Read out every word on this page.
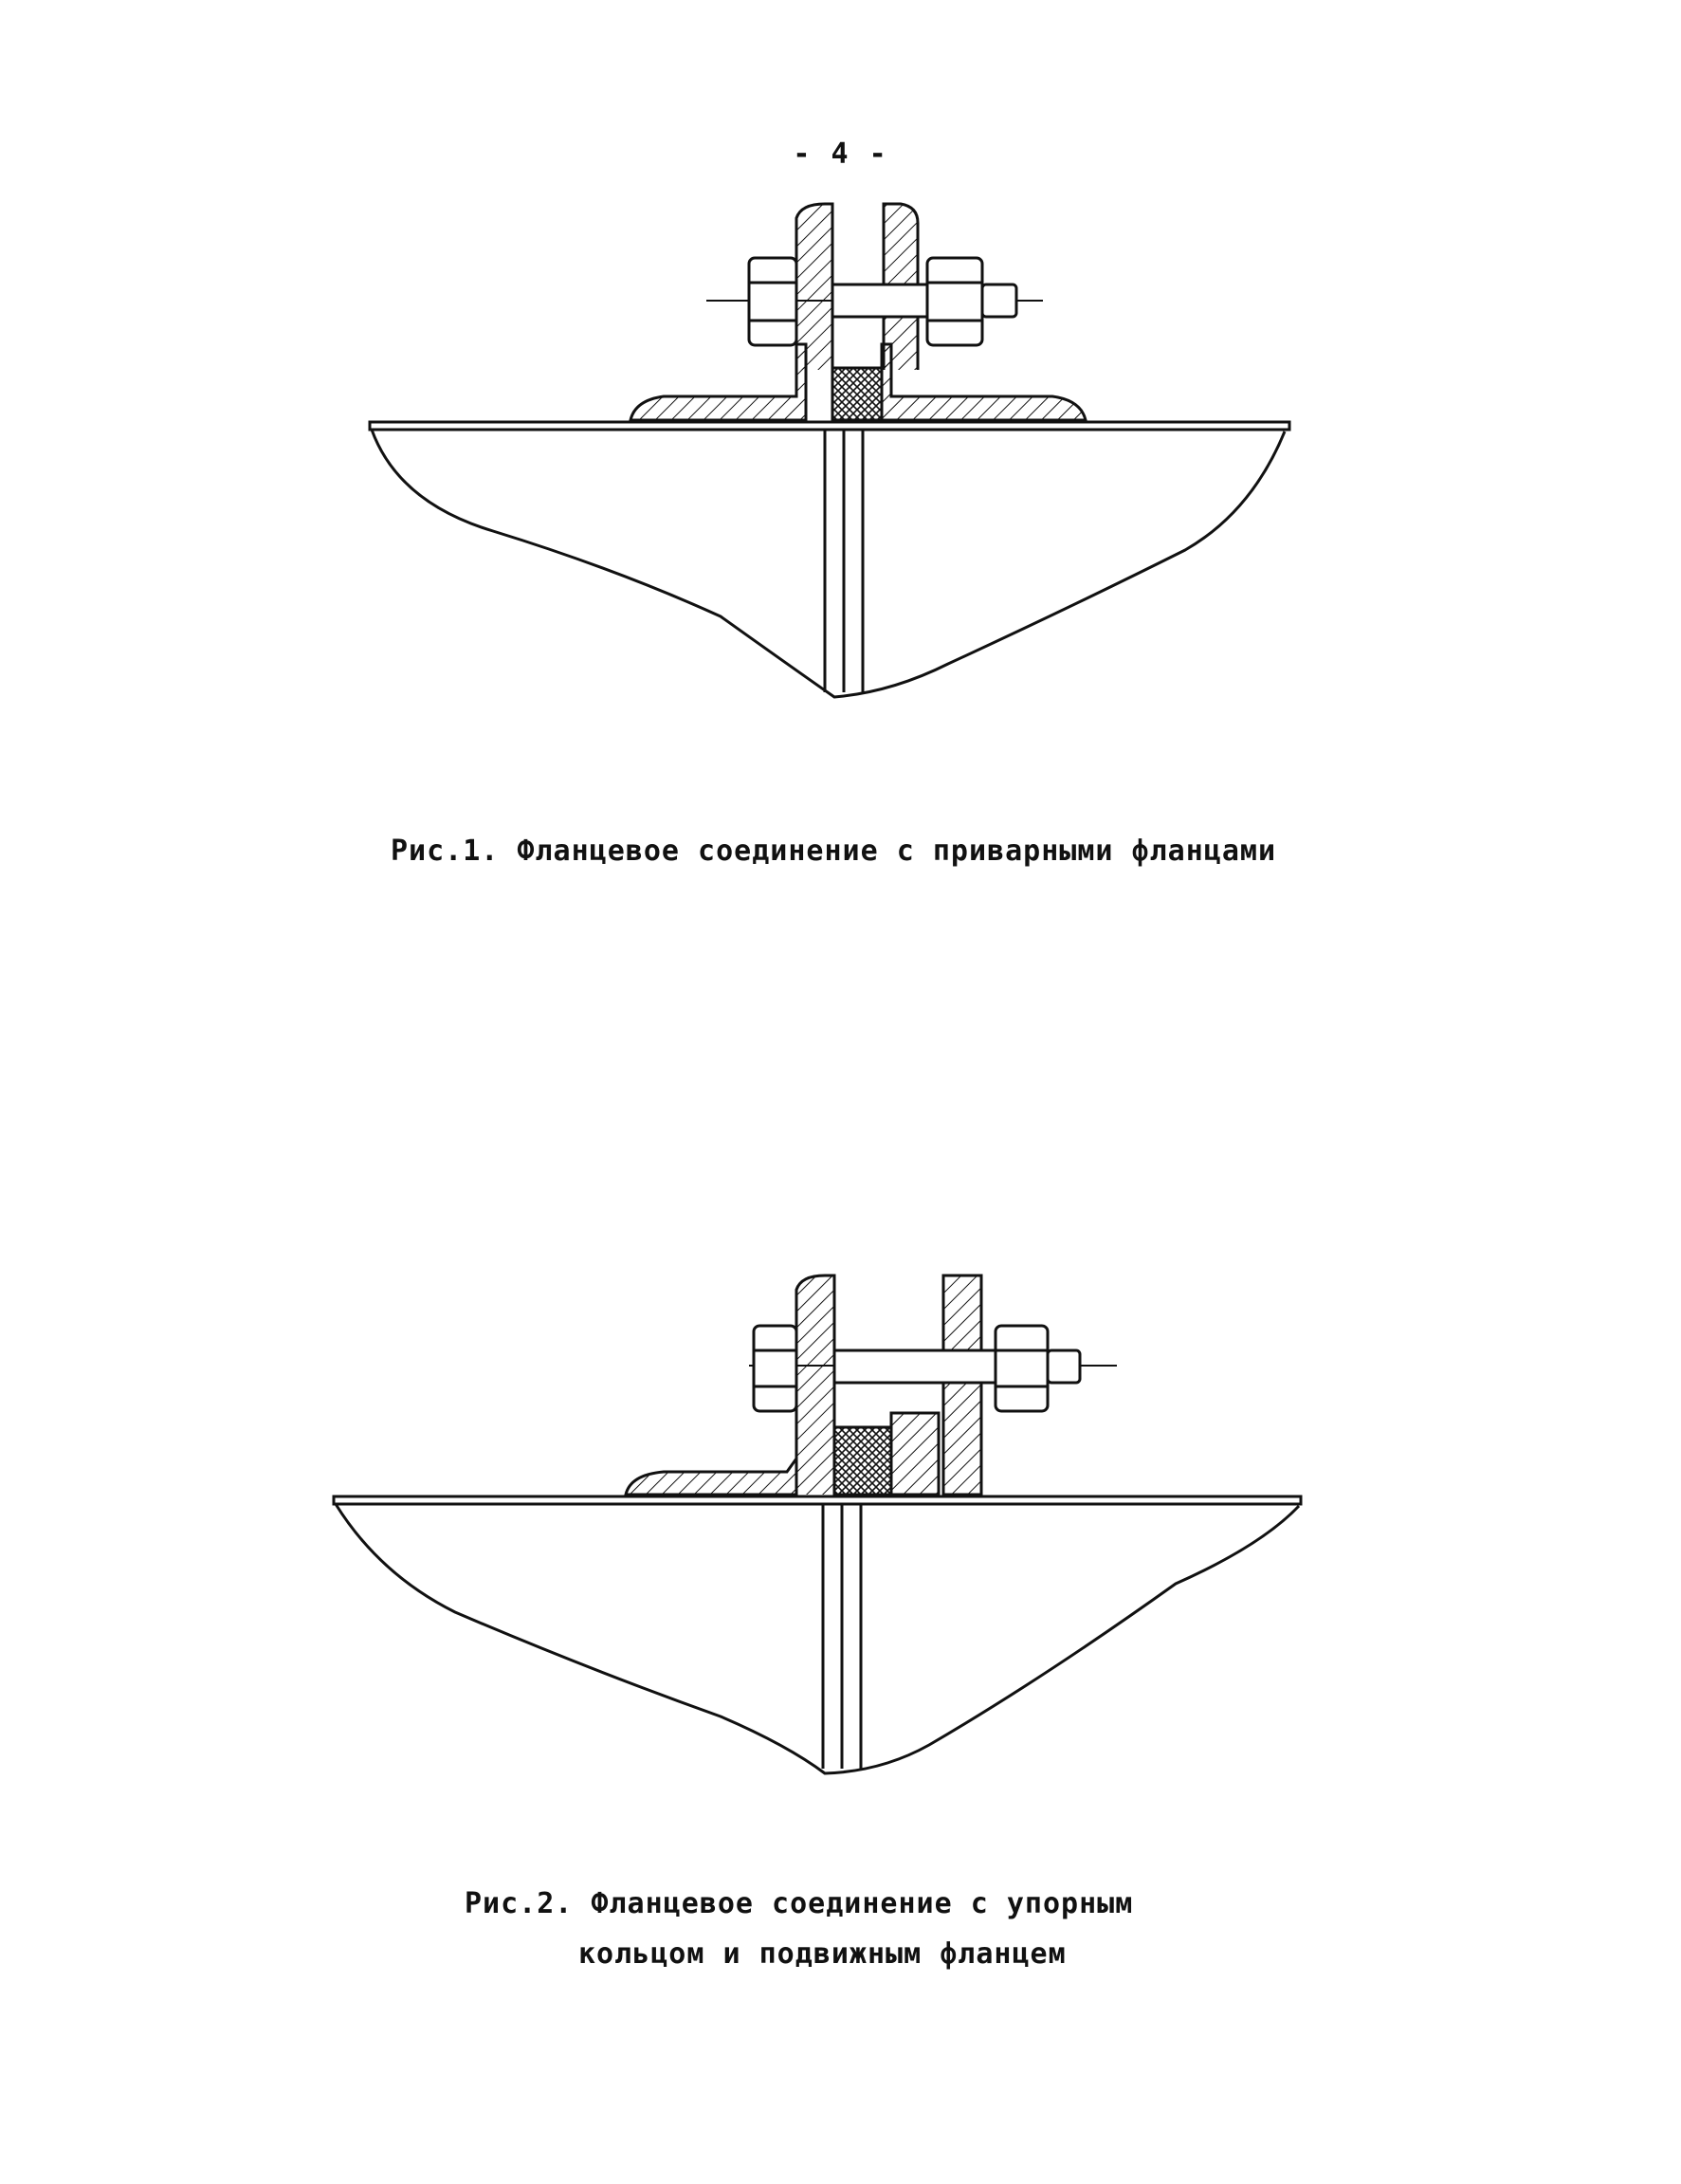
- 4 -
Рис.1. Фланцевое соединение с приварными фланцами
Рис.2. Фланцевое соединение с упорным
кольцом и подвижным фланцем
